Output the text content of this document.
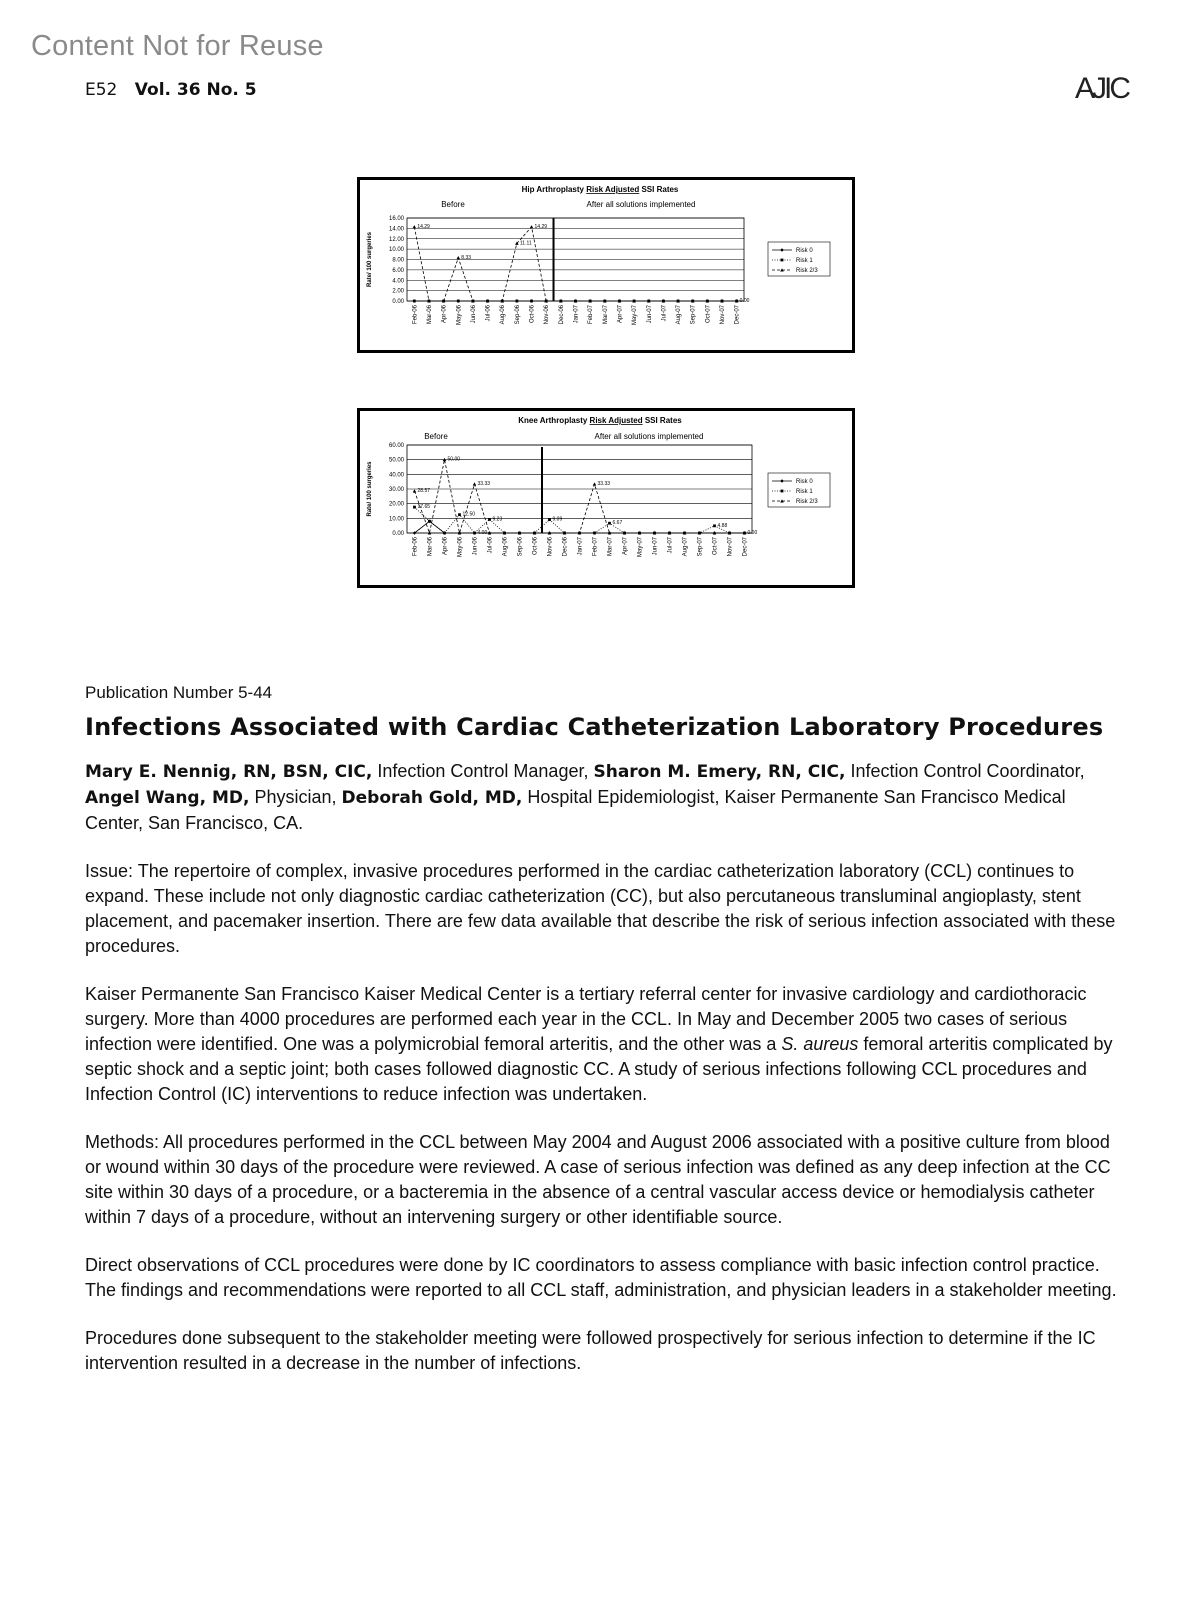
Content Not for Reuse
E52 Vol. 36 No. 5	AJIC
Hip Arthroplasty Risk Adjusted SSI Rates
Before	After all solutions implemented
16.00
14.00
12.00
10.00
8.00
6.00
4.00
2.00
0.00
Rate/ 100 surgeries
Feb-06 Mar-06 Apr-06 May-06 Jun-06 Jul-06 Aug-06 Sep-06 Oct-06 Nov-06 Dec-06 Jan-07 Feb-07 Mar-07 Apr-07 May-07 Jun-07 Jul-07 Aug-07 Sep-07 Oct-07 Nov-07 Dec-07
14.29
8.33
11.11
14.29
0.00
Risk 0
Risk 1
Risk 2/3
Knee Arthroplasty Risk Adjusted SSI Rates
Before	After all solutions implemented
60.00
50.00
40.00
30.00
20.00
10.00
0.00
Rate/ 100 surgeries
Feb-06 Mar-06 Apr-06 May-06 Jun-06 Jul-06 Aug-06 Sep-06 Oct-06 Nov-06 Dec-06 Jan-07 Feb-07 Mar-07 Apr-07 May-07 Jun-07 Jul-07 Aug-07 Sep-07 Oct-07 Nov-07 Dec-07
28.57
17.65
50.00
12.50
33.33
4.00
9.23	9.09
33.33
6.67	4.88
0.00
Risk 0
Risk 1
Risk 2/3

Publication Number 5-44

Infections Associated with Cardiac Catheterization Laboratory Procedures

Mary E. Nennig, RN, BSN, CIC, Infection Control Manager, Sharon M. Emery, RN, CIC, Infection Control Coordinator, Angel Wang, MD, Physician, Deborah Gold, MD, Hospital Epidemiologist, Kaiser Permanente San Francisco Medical Center, San Francisco, CA.

Issue: The repertoire of complex, invasive procedures performed in the cardiac catheterization laboratory (CCL) continues to expand. These include not only diagnostic cardiac catheterization (CC), but also percutaneous transluminal angioplasty, stent placement, and pacemaker insertion. There are few data available that describe the risk of serious infection associated with these procedures.

Kaiser Permanente San Francisco Kaiser Medical Center is a tertiary referral center for invasive cardiology and cardiothoracic surgery. More than 4000 procedures are performed each year in the CCL. In May and December 2005 two cases of serious infection were identified. One was a polymicrobial femoral arteritis, and the other was a S. aureus femoral arteritis complicated by septic shock and a septic joint; both cases followed diagnostic CC. A study of serious infections following CCL procedures and Infection Control (IC) interventions to reduce infection was undertaken.

Methods: All procedures performed in the CCL between May 2004 and August 2006 associated with a positive culture from blood or wound within 30 days of the procedure were reviewed. A case of serious infection was defined as any deep infection at the CC site within 30 days of a procedure, or a bacteremia in the absence of a central vascular access device or hemodialysis catheter within 7 days of a procedure, without an intervening surgery or other identifiable source.

Direct observations of CCL procedures were done by IC coordinators to assess compliance with basic infection control practice. The findings and recommendations were reported to all CCL staff, administration, and physician leaders in a stakeholder meeting.

Procedures done subsequent to the stakeholder meeting were followed prospectively for serious infection to determine if the IC intervention resulted in a decrease in the number of infections.
